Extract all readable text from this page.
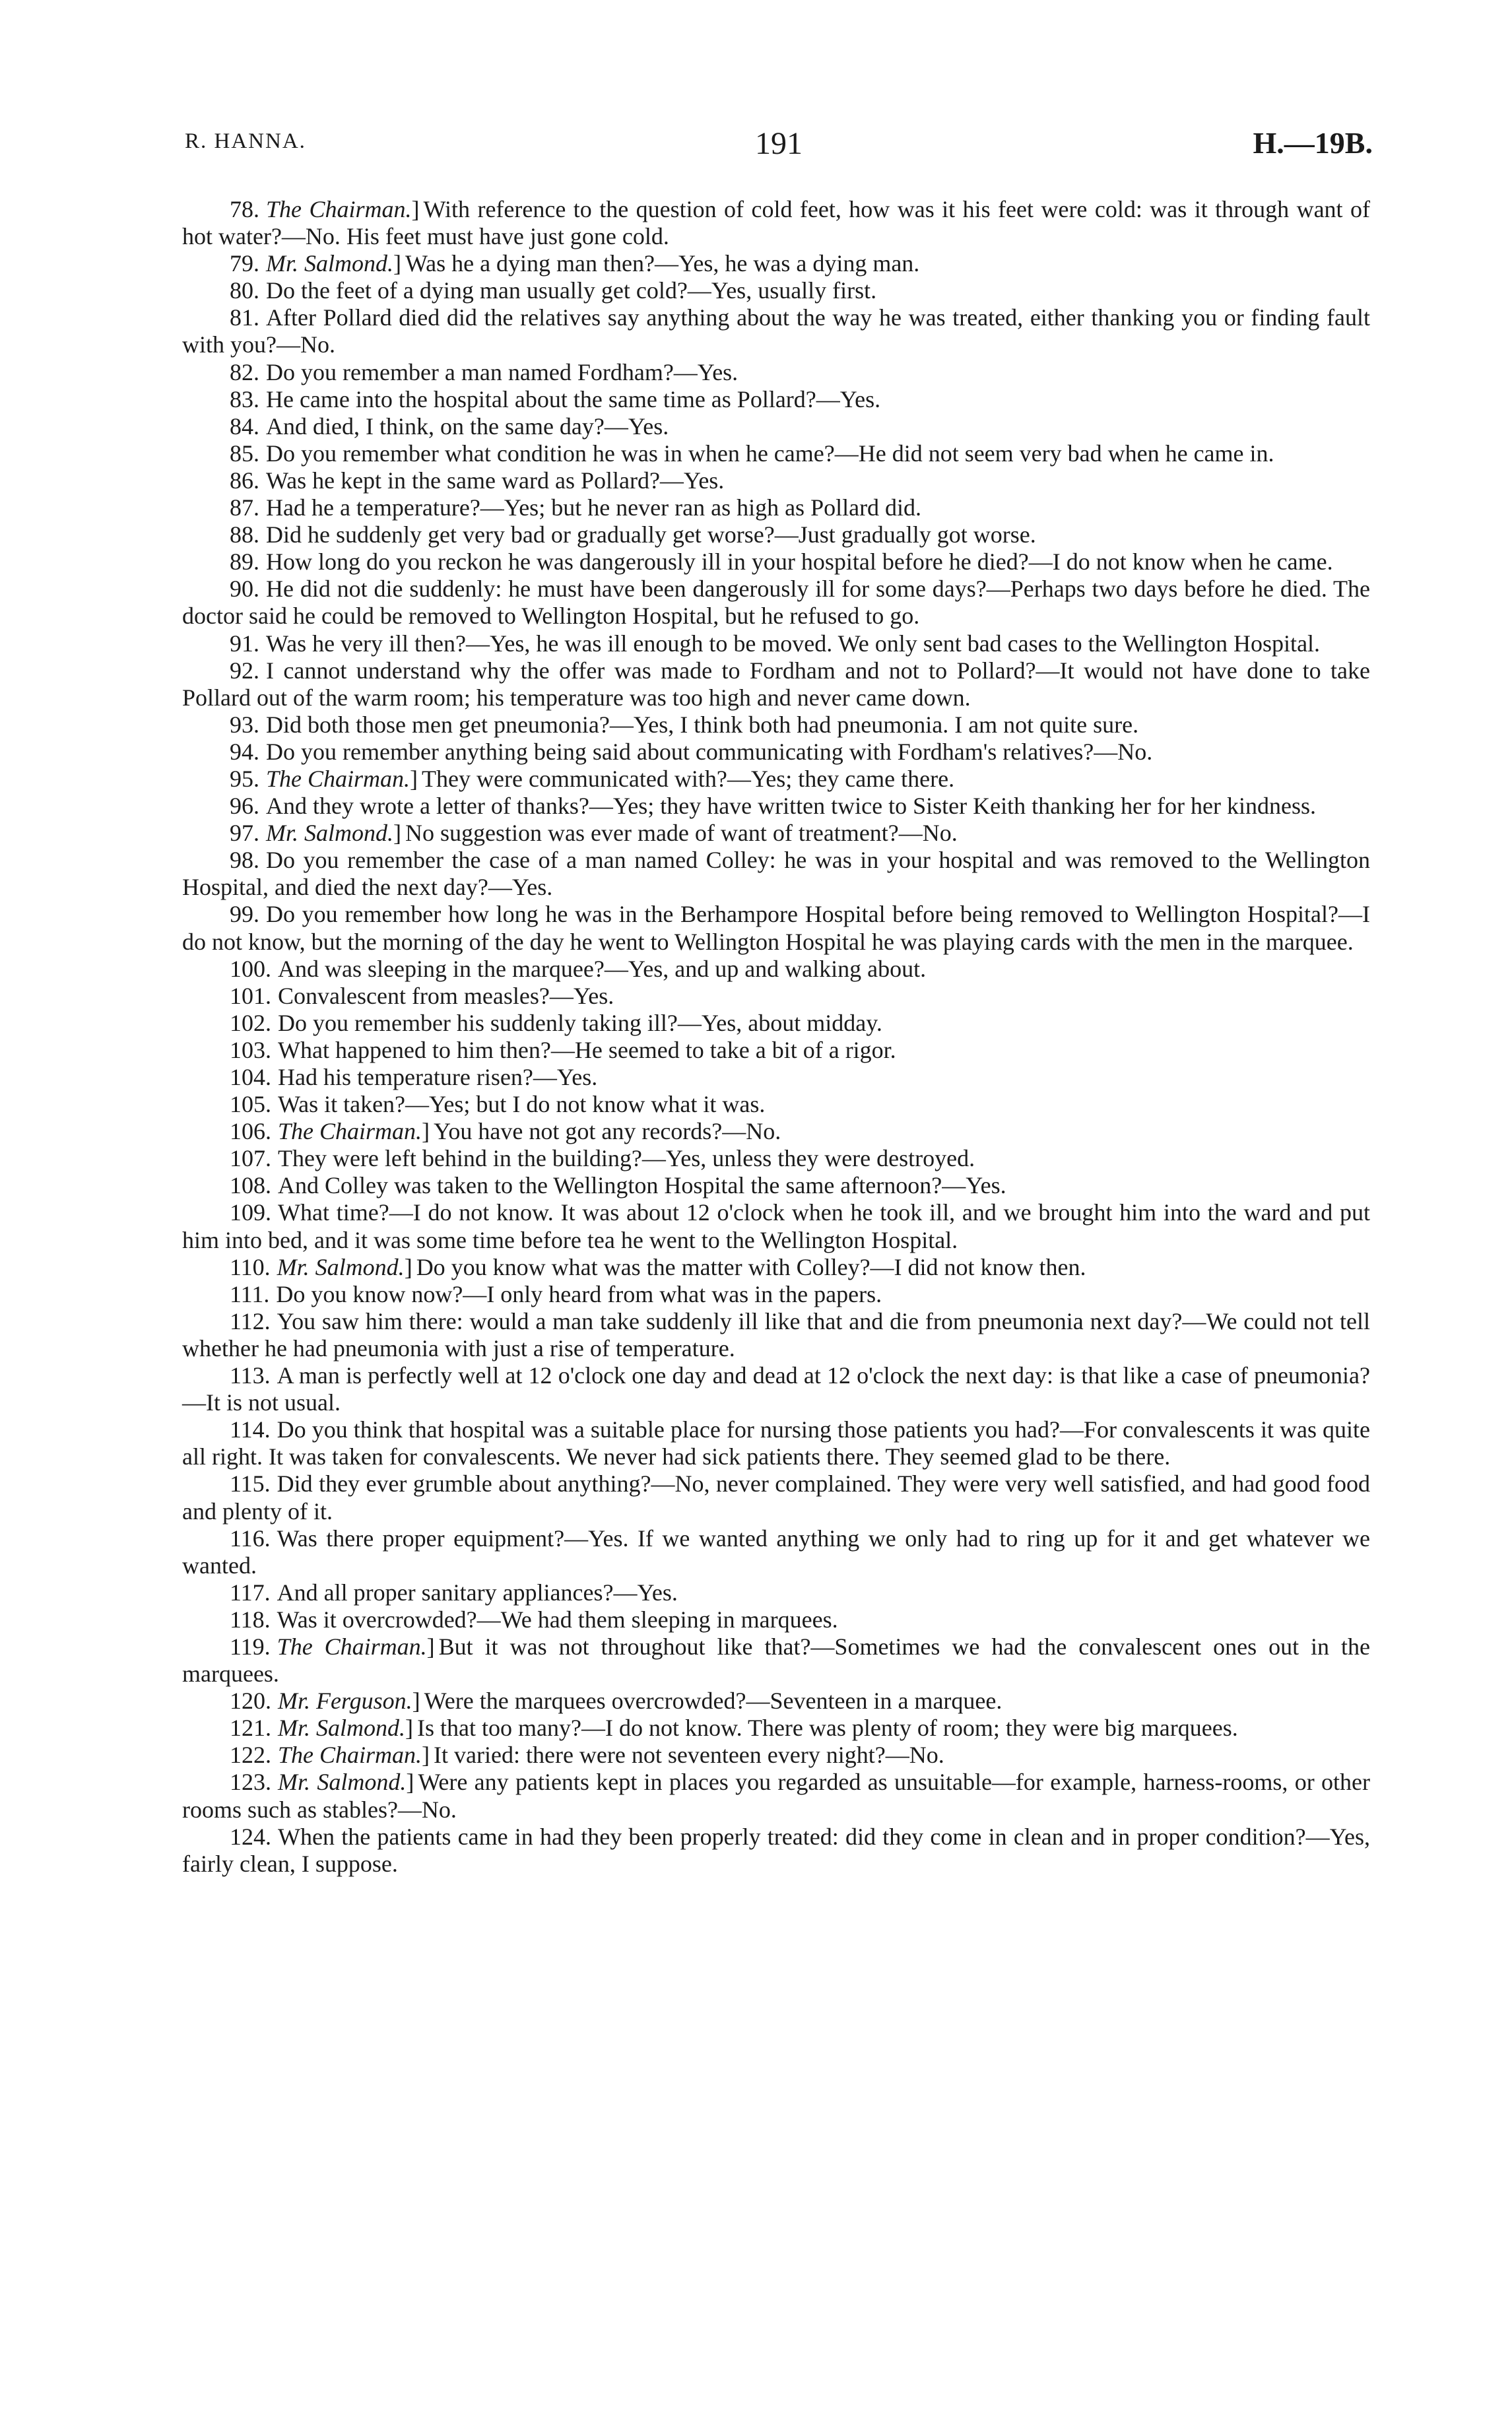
R. HANNA.	191	H.—19B.

78. The Chairman.] With reference to the question of cold feet, how was it his feet were cold: was it through want of hot water?—No. His feet must have just gone cold.

79. Mr. Salmond.] Was he a dying man then?—Yes, he was a dying man.

80. Do the feet of a dying man usually get cold?—Yes, usually first.

81. After Pollard died did the relatives say anything about the way he was treated, either thanking you or finding fault with you?—No.

82. Do you remember a man named Fordham?—Yes.

83. He came into the hospital about the same time as Pollard?—Yes.

84. And died, I think, on the same day?—Yes.

85. Do you remember what condition he was in when he came?—He did not seem very bad when he came in.

86. Was he kept in the same ward as Pollard?—Yes.

87. Had he a temperature?—Yes; but he never ran as high as Pollard did.

88. Did he suddenly get very bad or gradually get worse?—Just gradually got worse.

89. How long do you reckon he was dangerously ill in your hospital before he died?—I do not know when he came.

90. He did not die suddenly: he must have been dangerously ill for some days?—Perhaps two days before he died. The doctor said he could be removed to Wellington Hospital, but he refused to go.

91. Was he very ill then?—Yes, he was ill enough to be moved. We only sent bad cases to the Wellington Hospital.

92. I cannot understand why the offer was made to Fordham and not to Pollard?—It would not have done to take Pollard out of the warm room; his temperature was too high and never came down.

93. Did both those men get pneumonia?—Yes, I think both had pneumonia. I am not quite sure.

94. Do you remember anything being said about communicating with Fordham's relatives?—No.

95. The Chairman.] They were communicated with?—Yes; they came there.

96. And they wrote a letter of thanks?—Yes; they have written twice to Sister Keith thanking her for her kindness.

97. Mr. Salmond.] No suggestion was ever made of want of treatment?—No.

98. Do you remember the case of a man named Colley: he was in your hospital and was removed to the Wellington Hospital, and died the next day?—Yes.

99. Do you remember how long he was in the Berhampore Hospital before being removed to Wellington Hospital?—I do not know, but the morning of the day he went to Wellington Hospital he was playing cards with the men in the marquee.

100. And was sleeping in the marquee?—Yes, and up and walking about.

101. Convalescent from measles?—Yes.

102. Do you remember his suddenly taking ill?—Yes, about midday.

103. What happened to him then?—He seemed to take a bit of a rigor.

104. Had his temperature risen?—Yes.

105. Was it taken?—Yes; but I do not know what it was.

106. The Chairman.] You have not got any records?—No.

107. They were left behind in the building?—Yes, unless they were destroyed.

108. And Colley was taken to the Wellington Hospital the same afternoon?—Yes.

109. What time?—I do not know. It was about 12 o'clock when he took ill, and we brought him into the ward and put him into bed, and it was some time before tea he went to the Wellington Hospital.

110. Mr. Salmond.] Do you know what was the matter with Colley?—I did not know then.

111. Do you know now?—I only heard from what was in the papers.

112. You saw him there: would a man take suddenly ill like that and die from pneumonia next day?—We could not tell whether he had pneumonia with just a rise of temperature.

113. A man is perfectly well at 12 o'clock one day and dead at 12 o'clock the next day: is that like a case of pneumonia?—It is not usual.

114. Do you think that hospital was a suitable place for nursing those patients you had?—For convalescents it was quite all right. It was taken for convalescents. We never had sick patients there. They seemed glad to be there.

115. Did they ever grumble about anything?—No, never complained. They were very well satisfied, and had good food and plenty of it.

116. Was there proper equipment?—Yes. If we wanted anything we only had to ring up for it and get whatever we wanted.

117. And all proper sanitary appliances?—Yes.

118. Was it overcrowded?—We had them sleeping in marquees.

119. The Chairman.] But it was not throughout like that?—Sometimes we had the convalescent ones out in the marquees.

120. Mr. Ferguson.] Were the marquees overcrowded?—Seventeen in a marquee.

121. Mr. Salmond.] Is that too many?—I do not know. There was plenty of room; they were big marquees.

122. The Chairman.] It varied: there were not seventeen every night?—No.

123. Mr. Salmond.] Were any patients kept in places you regarded as unsuitable—for example, harness-rooms, or other rooms such as stables?—No.

124. When the patients came in had they been properly treated: did they come in clean and in proper condition?—Yes, fairly clean, I suppose.
